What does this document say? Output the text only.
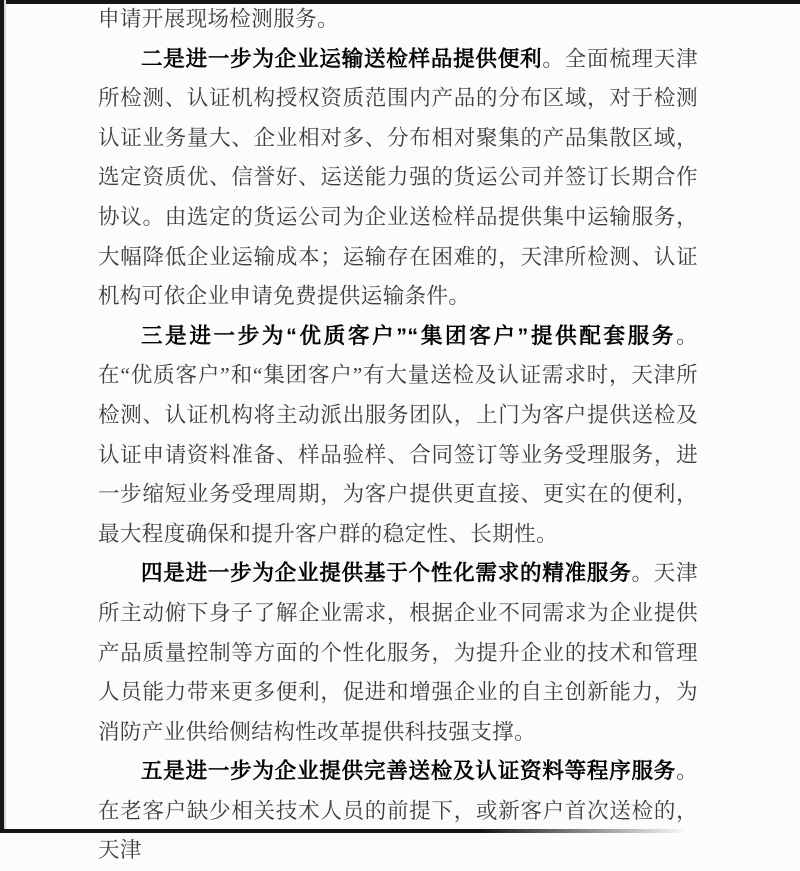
申请开展现场检测服务。

二是进一步为企业运输送检样品提供便利。全面梳理天津所检测、认证机构授权资质范围内产品的分布区域，对于检测认证业务量大、企业相对多、分布相对聚集的产品集散区域，选定资质优、信誉好、运送能力强的货运公司并签订长期合作协议。由选定的货运公司为企业送检样品提供集中运输服务，大幅降低企业运输成本；运输存在困难的，天津所检测、认证机构可依企业申请免费提供运输条件。

三是进一步为“优质客户”“集团客户”提供配套服务。在“优质客户”和“集团客户”有大量送检及认证需求时，天津所检测、认证机构将主动派出服务团队，上门为客户提供送检及认证申请资料准备、样品验样、合同签订等业务受理服务，进一步缩短业务受理周期，为客户提供更直接、更实在的便利，最大程度确保和提升客户群的稳定性、长期性。

四是进一步为企业提供基于个性化需求的精准服务。天津所主动俯下身子了解企业需求，根据企业不同需求为企业提供产品质量控制等方面的个性化服务，为提升企业的技术和管理人员能力带来更多便利，促进和增强企业的自主创新能力，为消防产业供给侧结构性改革提供科技强支撑。

五是进一步为企业提供完善送检及认证资料等程序服务。在老客户缺少相关技术人员的前提下，或新客户首次送检的，天津
